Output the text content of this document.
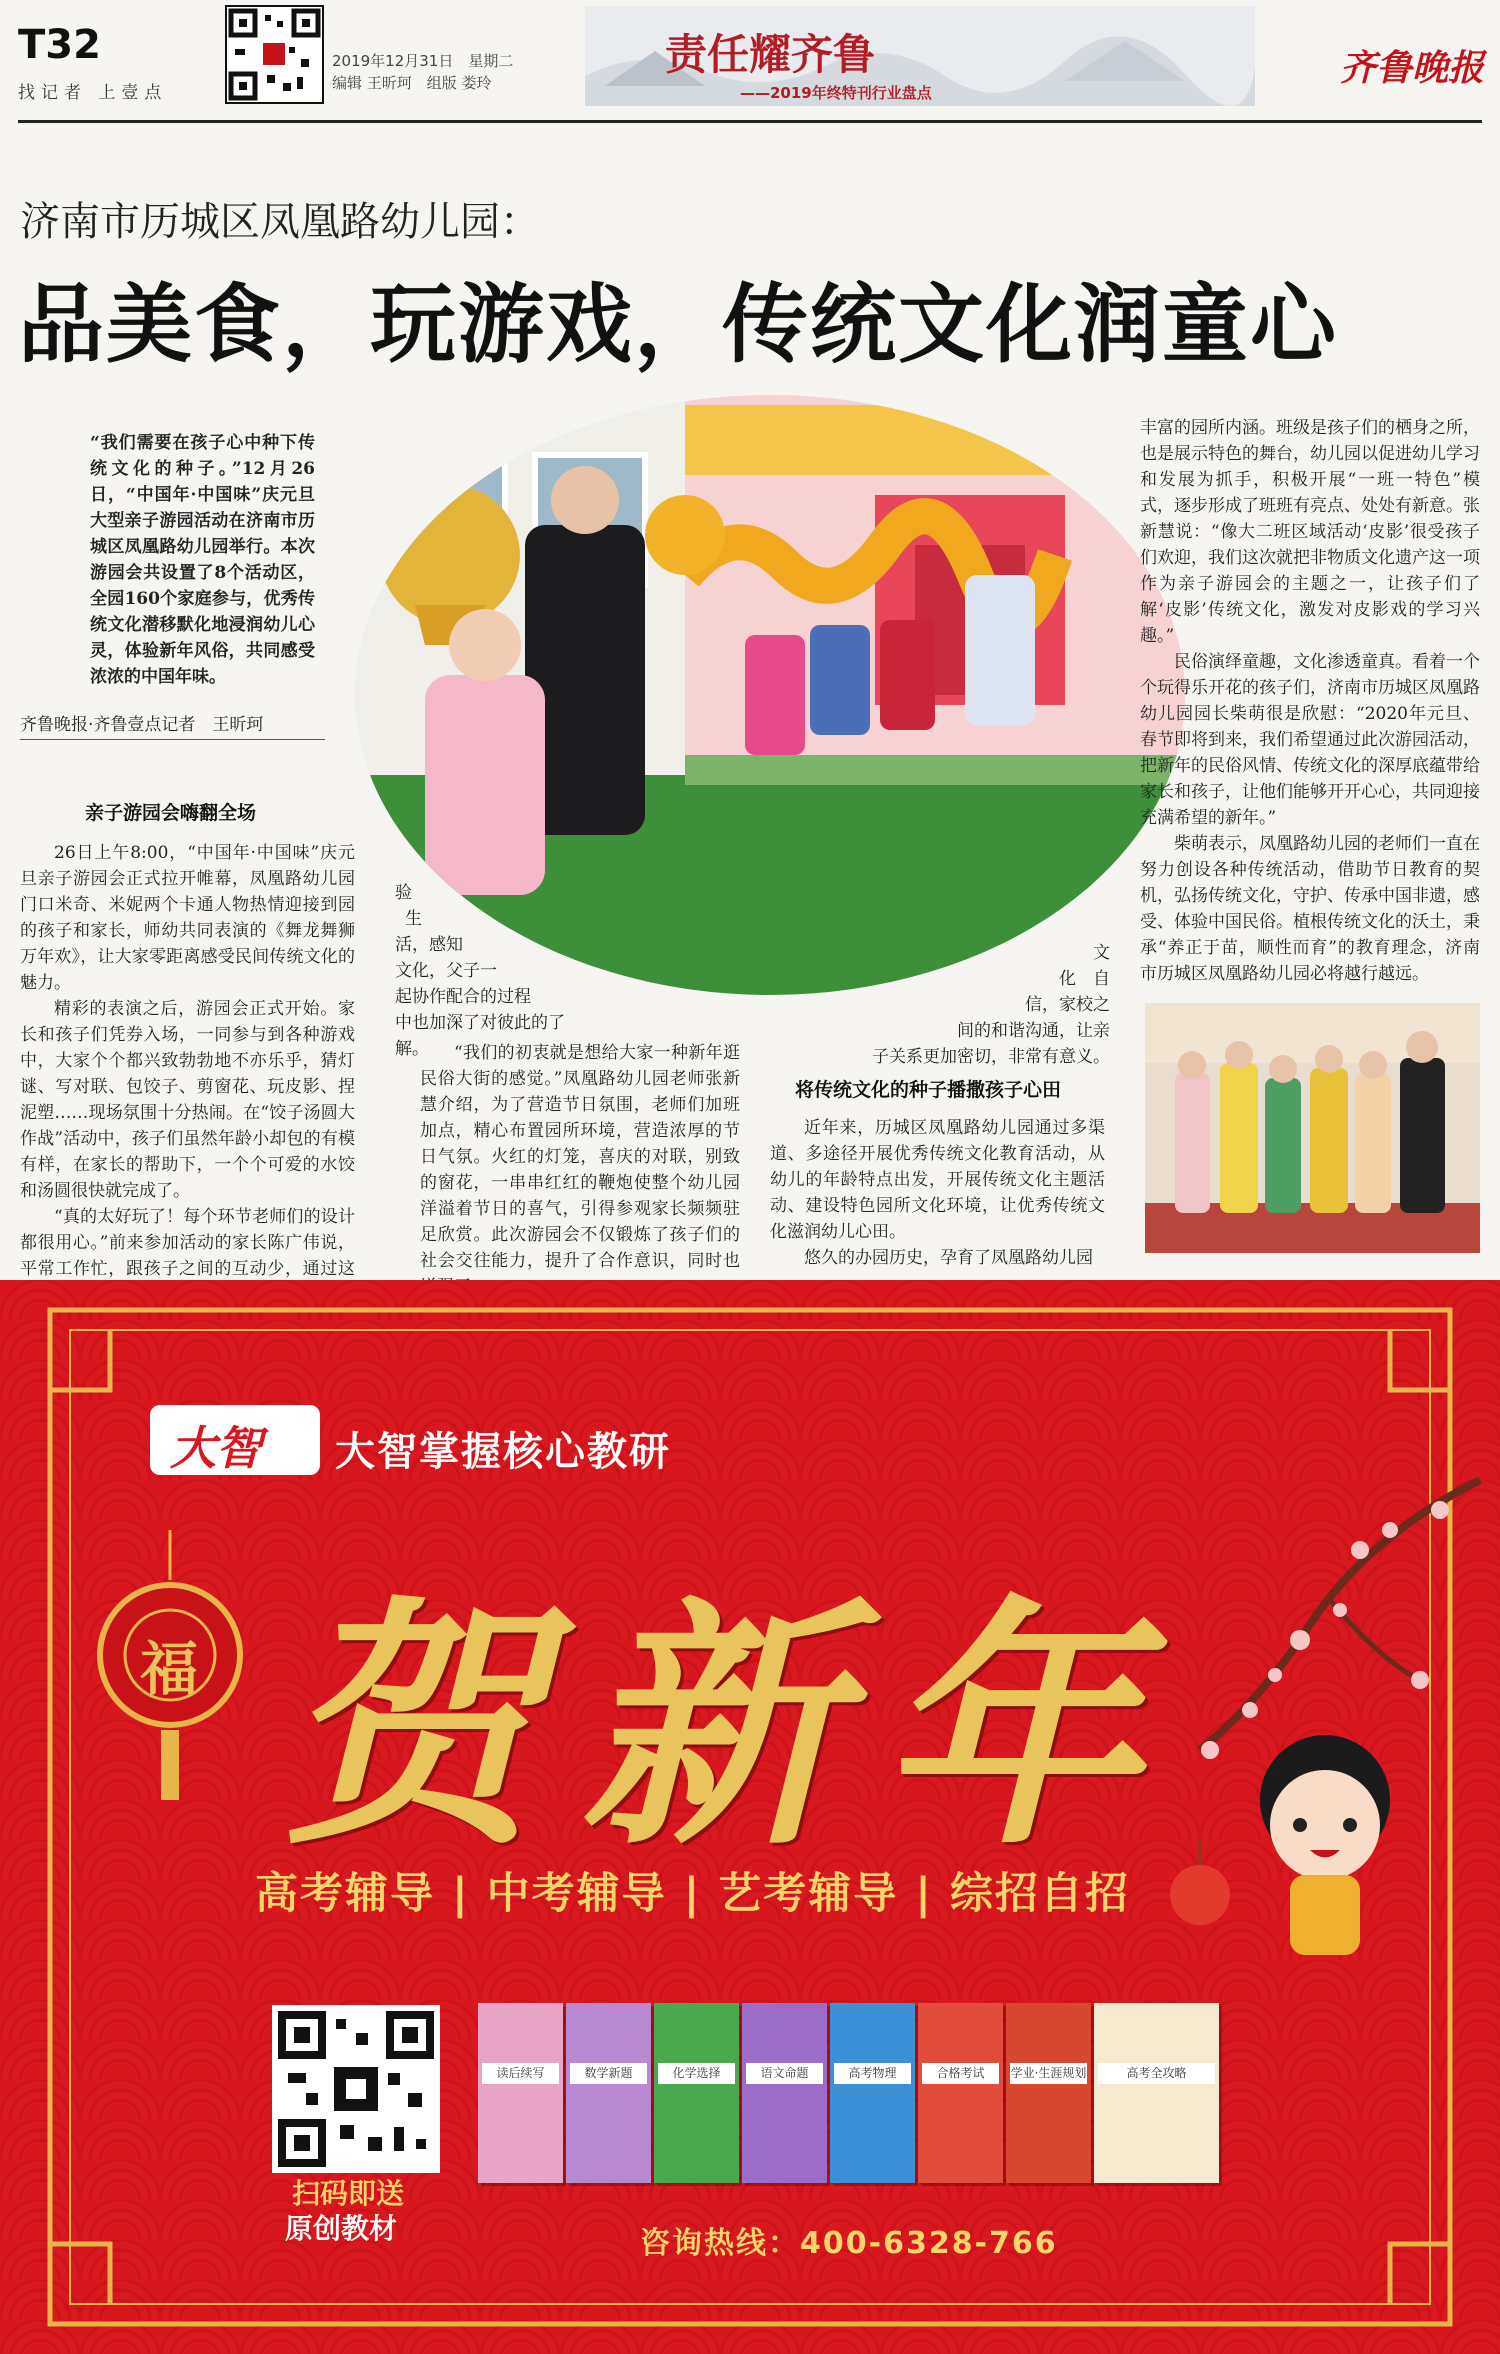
T32
找记者 上壹点
2019年12月31日　星期二
编辑 王昕珂　组版 娄玲
责任耀齐鲁
——2019年终特刊行业盘点
齐鲁晚报
济南市历城区凤凰路幼儿园：
品美食，玩游戏，传统文化润童心

“我们需要在孩子心中种下传统文化的种子。”12月26日，“中国年·中国味”庆元旦大型亲子游园活动在济南市历城区凤凰路幼儿园举行。本次游园会共设置了8个活动区，全园160个家庭参与，优秀传统文化潜移默化地浸润幼儿心灵，体验新年风俗，共同感受浓浓的中国年味。

齐鲁晚报·齐鲁壹点记者　王昕珂
亲子游园会嗨翻全场

26日上午8:00，“中国年·中国味”庆元旦亲子游园会正式拉开帷幕，凤凰路幼儿园门口米奇、米妮两个卡通人物热情迎接到园的孩子和家长，师幼共同表演的《舞龙舞狮 万年欢》，让大家零距离感受民间传统文化的魅力。

精彩的表演之后，游园会正式开始。家长和孩子们凭券入场，一同参与到各种游戏中，大家个个都兴致勃勃地不亦乐乎，猜灯谜、写对联、包饺子、剪窗花、玩皮影、捏泥塑……现场氛围十分热闹。在“饺子汤圆大作战”活动中，孩子们虽然年龄小却包的有模有样，在家长的帮助下，一个个可爱的水饺和汤圆很快就完成了。

“真的太好玩了！每个环节老师们的设计都很用心。”前来参加活动的家长陈广伟说，平常工作忙，跟孩子之间的互动少，通过这

验
生
活，感知
文化，父子一
起协作配合的过程
中也加深了对彼此的了
解。
文
化　自
信，家校之
间的和谐沟通，让亲
子关系更加密切，非常有意义。

“我们的初衷就是想给大家一种新年逛民俗大街的感觉。”凤凰路幼儿园老师张新慧介绍，为了营造节日氛围，老师们加班加点，精心布置园所环境，营造浓厚的节日气氛。火红的灯笼，喜庆的对联，别致的窗花，一串串红红的鞭炮使整个幼儿园洋溢着节日的喜气，引得参观家长频频驻足欣赏。此次游园会不仅锻炼了孩子们的社会交往能力，提升了合作意识，同时也

将传统文化的种子播撒孩子心田

近年来，历城区凤凰路幼儿园通过多渠道、多途径开展优秀传统文化教育活动，从幼儿的年龄特点出发，开展传统文化主题活动、建设特色园所文化环境，让优秀传统文化滋润幼儿心田。

悠久的办园历史，孕育了凤凰路幼儿园

丰富的园所内涵。班级是孩子们的栖身之所，也是展示特色的舞台，幼儿园以促进幼儿学习和发展为抓手，积极开展“一班一特色”模式，逐步形成了班班有亮点、处处有新意。张新慧说：“像大二班区域活动‘皮影’很受孩子们欢迎，我们这次就把非物质文化遗产这一项作为亲子游园会的主题之一，让孩子们了解‘皮影’传统文化，激发对皮影戏的学习兴趣。”

民俗演绎童趣，文化渗透童真。看着一个个玩得乐开花的孩子们，济南市历城区凤凰路幼儿园园长柴萌很是欣慰：“2020年元旦、春节即将到来，我们希望通过此次游园活动，把新年的民俗风情、传统文化的深厚底蕴带给家长和孩子，让他们能够开开心心，共同迎接充满希望的新年。”

柴萌表示，凤凰路幼儿园的老师们一直在努力创设各种传统活动，借助节日教育的契机，弘扬传统文化，守护、传承中国非遗，感受、体验中国民俗。植根传统文化的沃土，秉承“养正于苗，顺性而育”的教育理念，济南市历城区凤凰路幼儿园必将越行越远。

福
大智 大智掌握核心教研
贺新年
高考辅导 | 中考辅导 | 艺考辅导 | 综招自招
扫码即送
原创教材
读后续写	数学新题	化学选择	语文命题	高考物理	合格考试	学业·生涯规划	高考全攻略
咨询热线：400-6328-766
